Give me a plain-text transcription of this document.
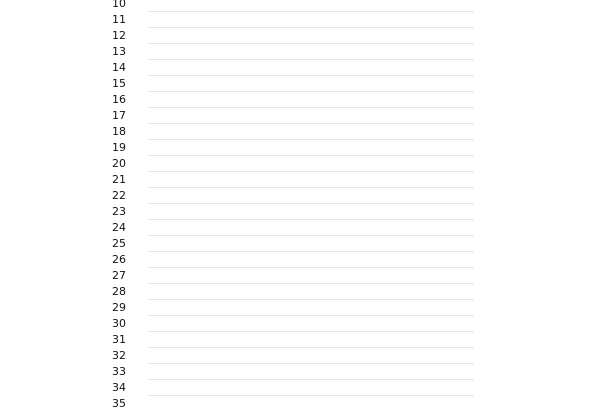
10
11
12
13
14
15
16
17
18
19
20
21
22
23
24
25
26
27
28
29
30
31
32
33
34
35
